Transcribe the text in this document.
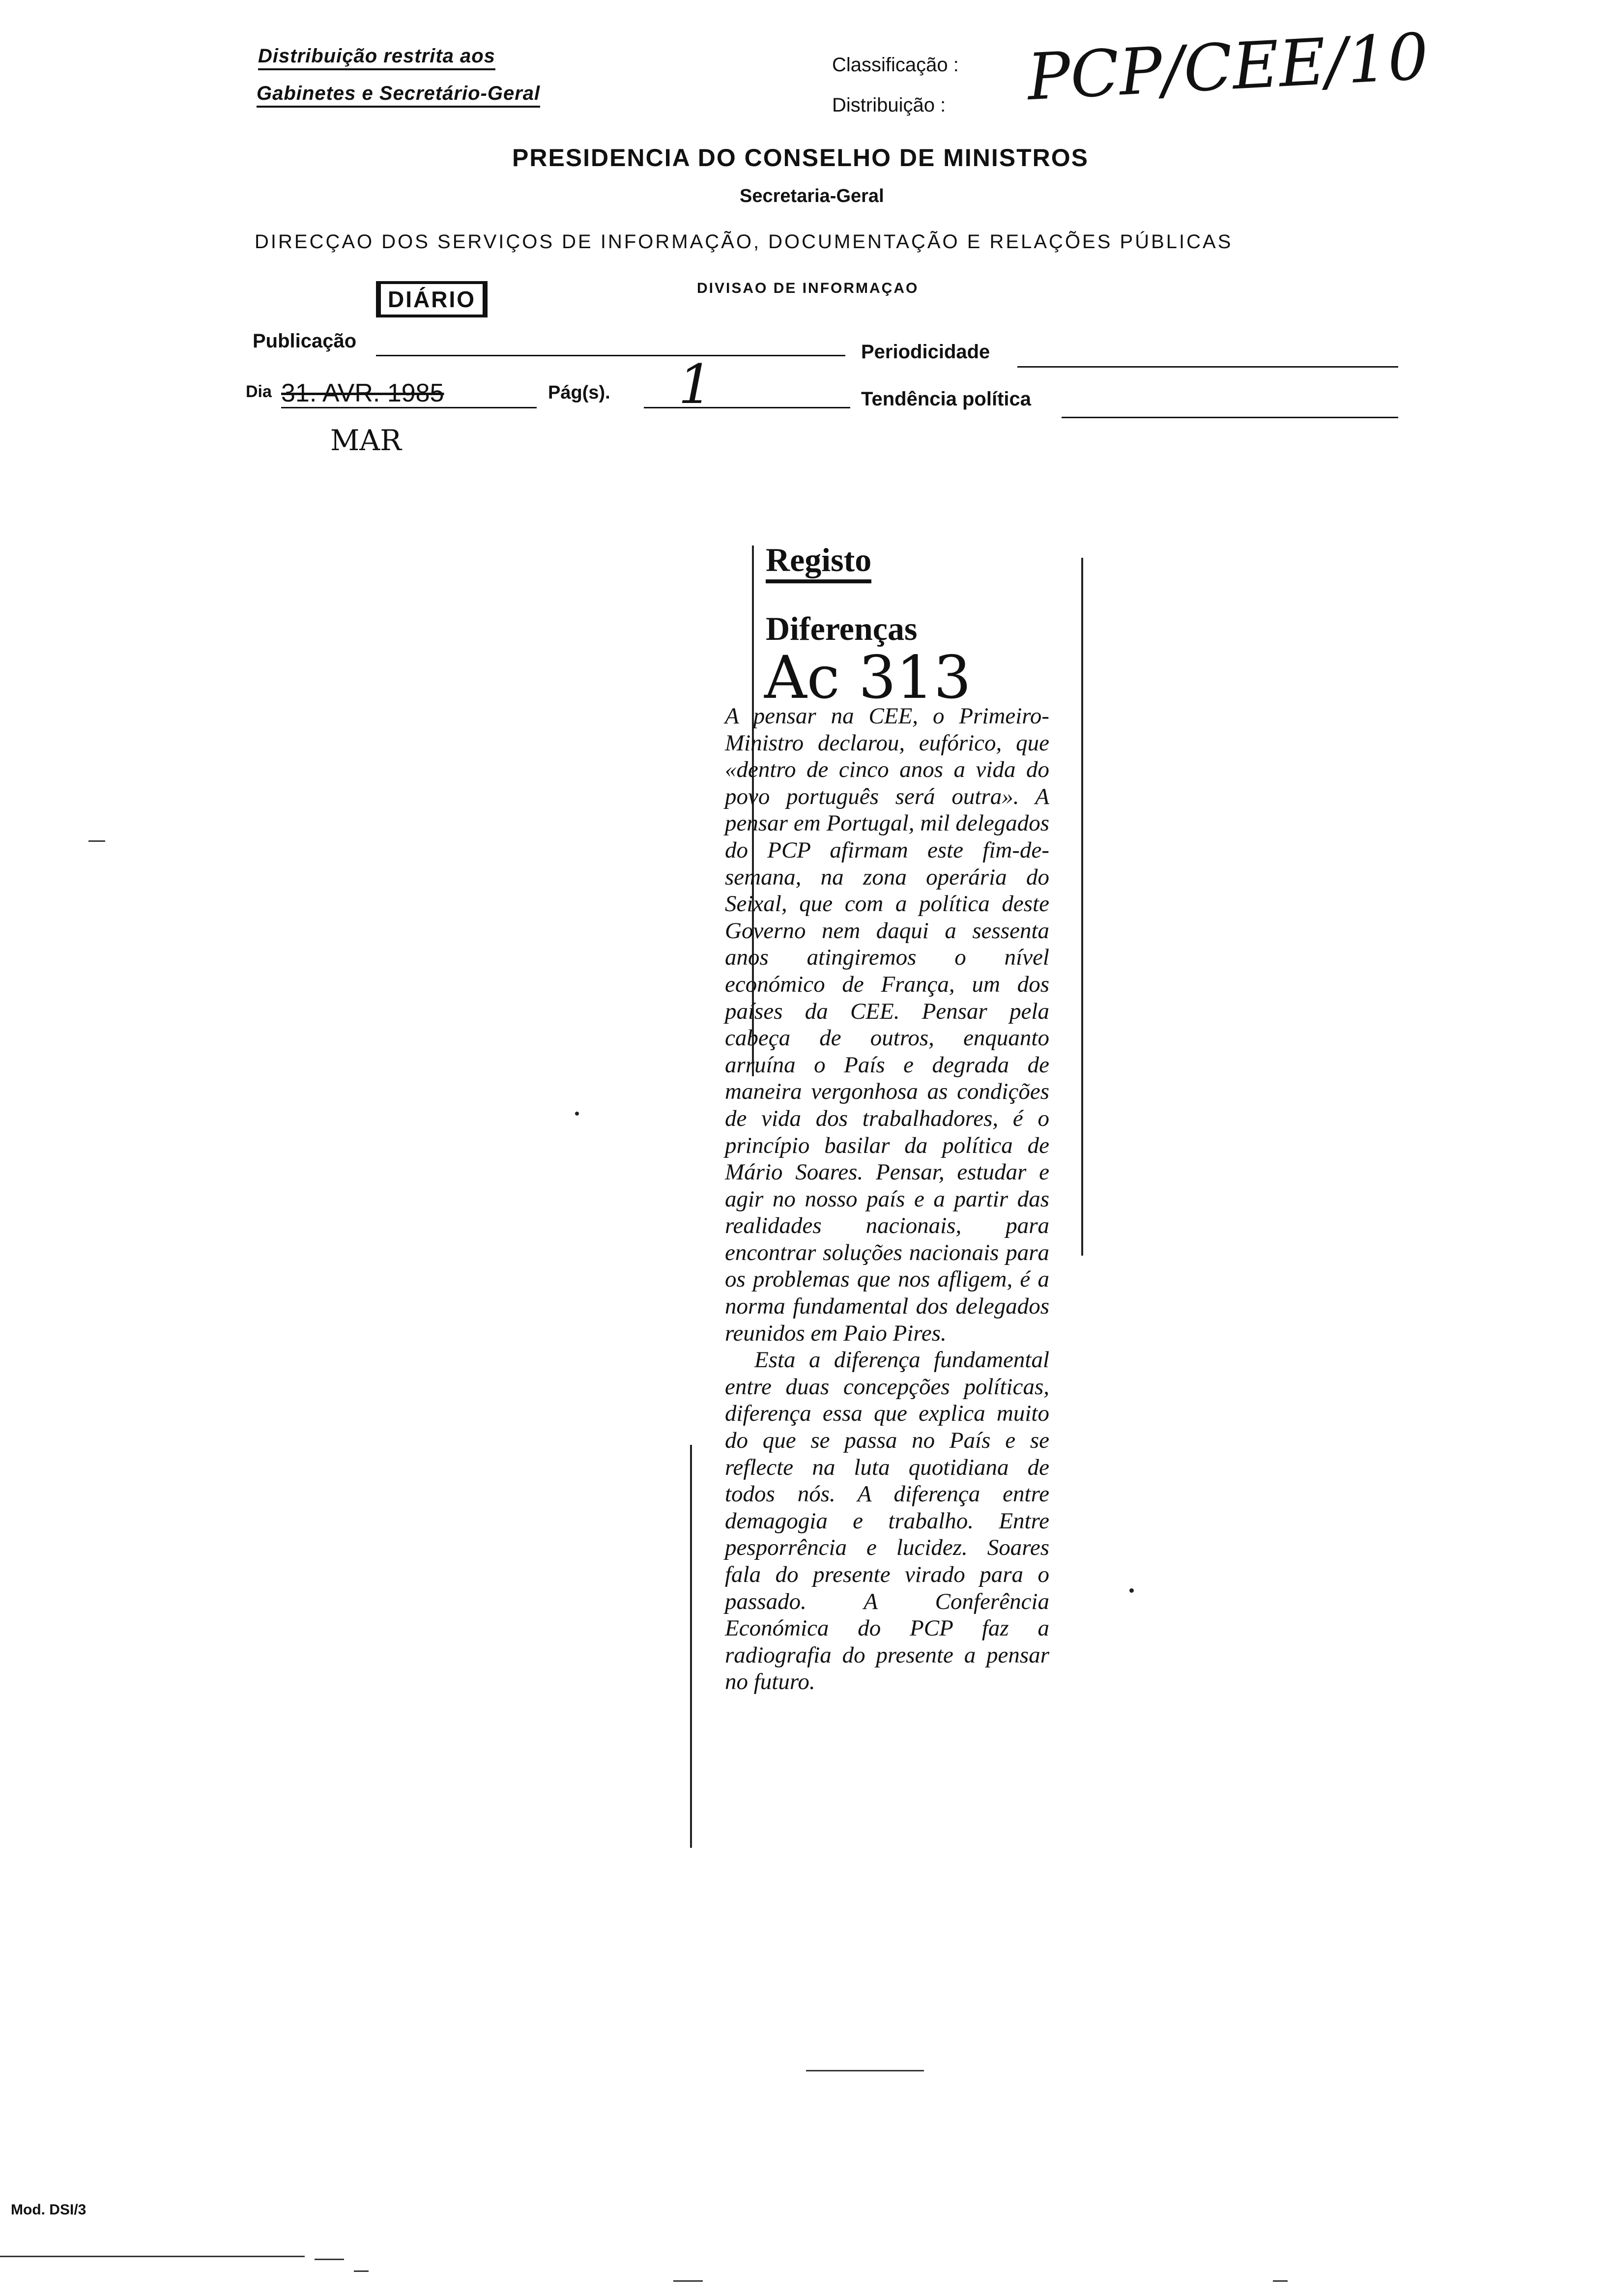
Distribuição restrita aos
Gabinetes e Secretário-Geral
Classificação :
Distribuição : PCP/CEE/10
PRESIDENCIA DO CONSELHO DE MINISTROS
Secretaria-Geral
DIRECÇAO DOS SERVIÇOS DE INFORMAÇÃO, DOCUMENTAÇÃO E RELAÇÕES PÚBLICAS
DIVISAO DE INFORMAÇAO
DIÁRIO
Publicação	Periodicidade
Dia 31. AVR. 1985
MAR
Pág(s). 1	Tendência política
Registo
Diferenças
Ac 313

A pensar na CEE, o Primeiro-Ministro declarou, eufórico, que «dentro de cinco anos a vida do povo português será outra». A pensar em Portugal, mil delegados do PCP afirmam este fim-de-semana, na zona operária do Seixal, que com a política deste Governo nem daqui a sessenta anos atingiremos o nível económico de França, um dos países da CEE. Pensar pela cabeça de outros, enquanto arruína o País e degrada de maneira vergonhosa as condições de vida dos trabalhadores, é o princípio basilar da política de Mário Soares. Pensar, estudar e agir no nosso país e a partir das realidades nacionais, para encontrar soluções nacionais para os problemas que nos afligem, é a norma fundamental dos delegados reunidos em Paio Pires.

Esta a diferença fundamental entre duas concepções políticas, diferença essa que explica muito do que se passa no País e se reflecte na luta quotidiana de todos nós. A diferença entre demagogia e trabalho. Entre pesporrência e lucidez. Soares fala do presente virado para o passado. A Conferência Económica do PCP faz a radiografia do presente a pensar no futuro.

Mod. DSI/3
